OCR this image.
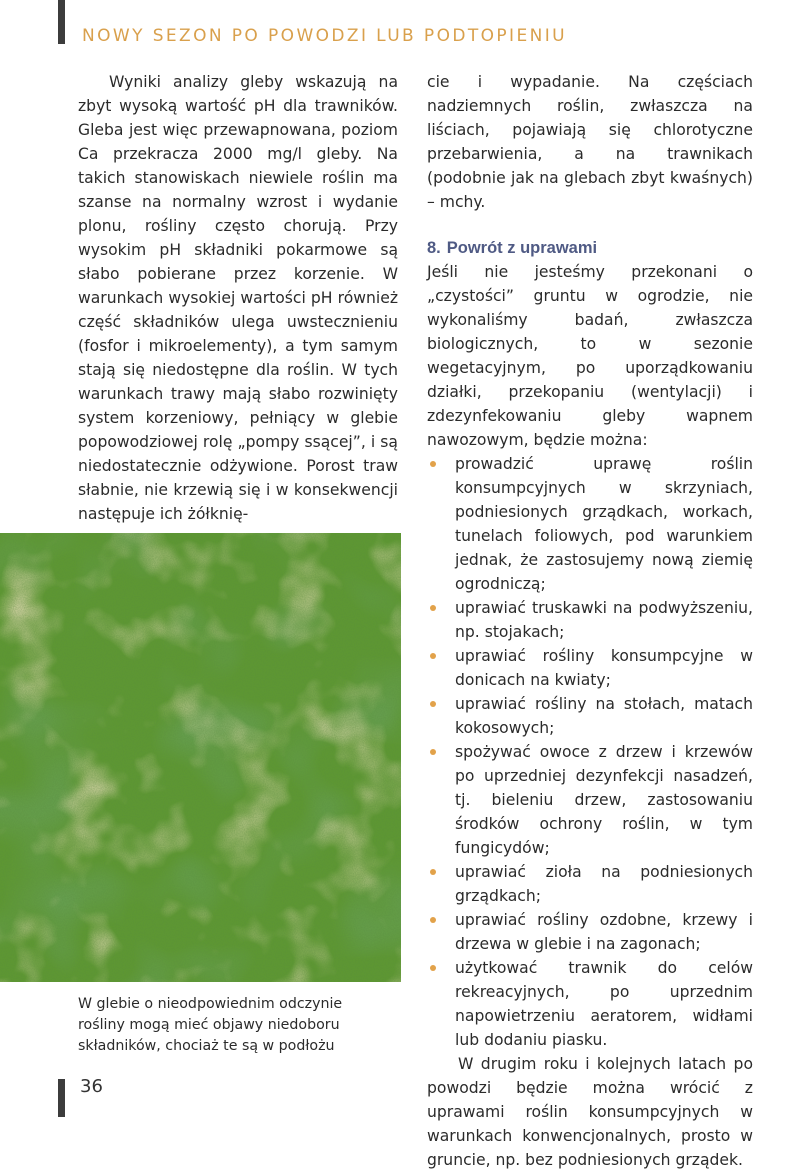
NOWY SEZON PO POWODZI LUB PODTOPIENIU

Wyniki analizy gleby wskazują na zbyt wysoką wartość pH dla trawników. Gleba jest więc przewapnowana, poziom Ca przekracza 2000 mg/l gleby. Na takich stanowiskach niewiele roślin ma szanse na normalny wzrost i wydanie plonu, rośliny często chorują. Przy wysokim pH składniki pokarmowe są słabo pobierane przez korzenie. W warunkach wysokiej wartości pH również część składników ulega uwstecznieniu (fosfor i mikroelementy), a tym samym stają się niedostępne dla roślin. W tych warunkach trawy mają słabo rozwinięty system korzeniowy, pełniący w glebie popowodziowej rolę „pompy ssącej”, i są niedostatecznie odżywione. Porost traw słabnie, nie krzewią się i w konsekwencji następuje ich żółknię-

W glebie o nieodpowiednim odczynie rośliny mogą mieć objawy niedoboru składników, chociaż te są w podłożu

cie i wypadanie. Na częściach nadziemnych roślin, zwłaszcza na liściach, pojawiają się chlorotyczne przebarwienia, a na trawnikach (podobnie jak na glebach zbyt kwaśnych) – mchy.

8. Powrót z uprawami

Jeśli nie jesteśmy przekonani o „czystości” gruntu w ogrodzie, nie wykonaliśmy badań, zwłaszcza biologicznych, to w sezonie wegetacyjnym, po uporządkowaniu działki, przekopaniu (wentylacji) i zdezynfekowaniu gleby wapnem nawozowym, będzie można:

prowadzić uprawę roślin konsumpcyjnych w skrzyniach, podniesionych grządkach, workach, tunelach foliowych, pod warunkiem jednak, że zastosujemy nową ziemię ogrodniczą;
uprawiać truskawki na podwyższeniu, np. stojakach;
uprawiać rośliny konsumpcyjne w donicach na kwiaty;
uprawiać rośliny na stołach, matach kokosowych;
spożywać owoce z drzew i krzewów po uprzedniej dezynfekcji nasadzeń, tj. bieleniu drzew, zastosowaniu środków ochrony roślin, w tym fungicydów;
uprawiać zioła na podniesionych grządkach;
uprawiać rośliny ozdobne, krzewy i drzewa w glebie i na zagonach;
użytkować trawnik do celów rekreacyjnych, po uprzednim napowietrzeniu aeratorem, widłami lub dodaniu piasku.

W drugim roku i kolejnych latach po powodzi będzie można wrócić z uprawami roślin konsumpcyjnych w warunkach konwencjonalnych, prosto w gruncie, np. bez podniesionych grządek.

36
